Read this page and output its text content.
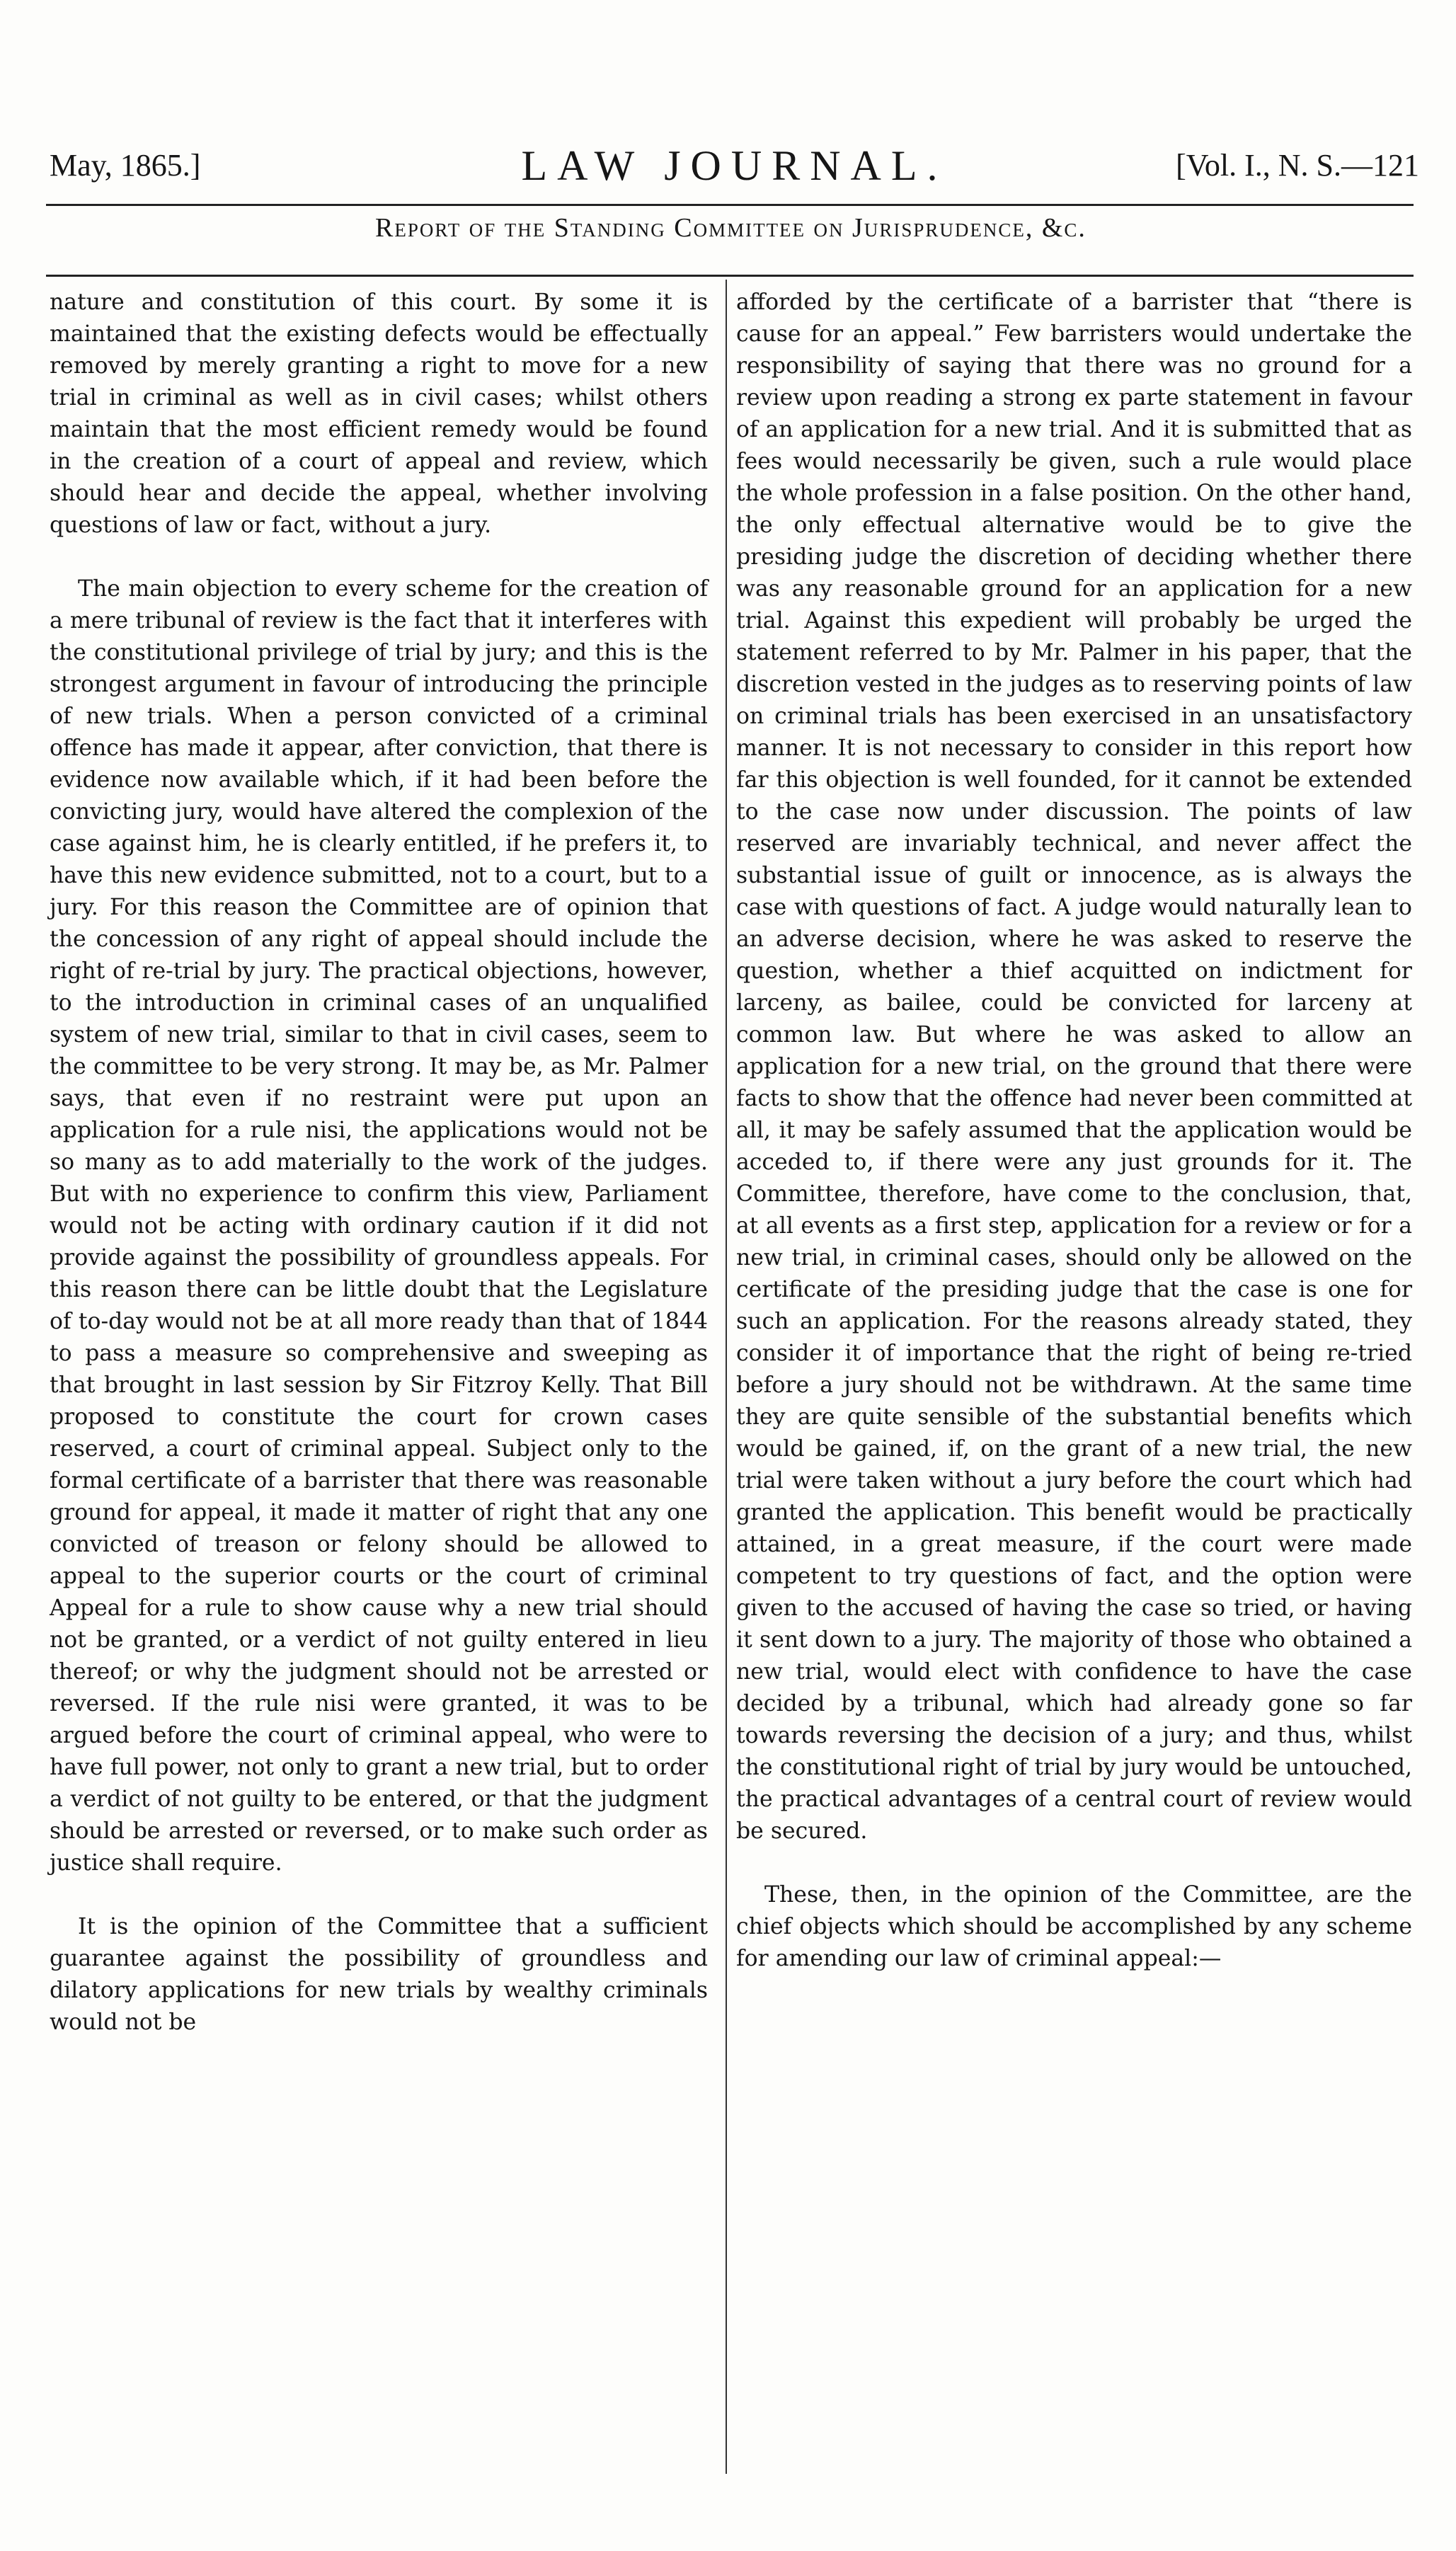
May, 1865.]	LAW JOURNAL.	[Vol. I., N. S.—121
Report of the Standing Committee on Jurisprudence, &c.

nature and constitution of this court. By some it is maintained that the existing defects would be effectually removed by merely granting a right to move for a new trial in criminal as well as in civil cases; whilst others maintain that the most efficient remedy would be found in the creation of a court of appeal and review, which should hear and decide the appeal, whether involving questions of law or fact, without a jury.

The main objection to every scheme for the creation of a mere tribunal of review is the fact that it interferes with the constitutional privilege of trial by jury; and this is the strongest argument in favour of introducing the principle of new trials. When a person convicted of a criminal offence has made it appear, after conviction, that there is evidence now available which, if it had been before the convicting jury, would have altered the complexion of the case against him, he is clearly entitled, if he prefers it, to have this new evidence submitted, not to a court, but to a jury. For this reason the Committee are of opinion that the concession of any right of appeal should include the right of re-trial by jury. The practical objections, however, to the introduction in criminal cases of an unqualified system of new trial, similar to that in civil cases, seem to the committee to be very strong. It may be, as Mr. Palmer says, that even if no restraint were put upon an application for a rule nisi, the applications would not be so many as to add materially to the work of the judges. But with no experience to confirm this view, Parliament would not be acting with ordinary caution if it did not provide against the possibility of groundless appeals. For this reason there can be little doubt that the Legislature of to-day would not be at all more ready than that of 1844 to pass a measure so comprehensive and sweeping as that brought in last session by Sir Fitzroy Kelly. That Bill proposed to constitute the court for crown cases reserved, a court of criminal appeal. Subject only to the formal certificate of a barrister that there was reasonable ground for appeal, it made it matter of right that any one convicted of treason or felony should be allowed to appeal to the superior courts or the court of criminal Appeal for a rule to show cause why a new trial should not be granted, or a verdict of not guilty entered in lieu thereof; or why the judgment should not be arrested or reversed. If the rule nisi were granted, it was to be argued before the court of criminal appeal, who were to have full power, not only to grant a new trial, but to order a verdict of not guilty to be entered, or that the judgment should be arrested or reversed, or to make such order as justice shall require.

It is the opinion of the Committee that a sufficient guarantee against the possibility of groundless and dilatory applications for new trials by wealthy criminals would not be

afforded by the certificate of a barrister that “there is cause for an appeal.” Few barristers would undertake the responsibility of saying that there was no ground for a review upon reading a strong ex parte statement in favour of an application for a new trial. And it is submitted that as fees would necessarily be given, such a rule would place the whole profession in a false position. On the other hand, the only effectual alternative would be to give the presiding judge the discretion of deciding whether there was any reasonable ground for an application for a new trial. Against this expedient will probably be urged the statement referred to by Mr. Palmer in his paper, that the discretion vested in the judges as to reserving points of law on criminal trials has been exercised in an unsatisfactory manner. It is not necessary to consider in this report how far this objection is well founded, for it cannot be extended to the case now under discussion. The points of law reserved are invariably technical, and never affect the substantial issue of guilt or innocence, as is always the case with questions of fact. A judge would naturally lean to an adverse decision, where he was asked to reserve the question, whether a thief acquitted on indictment for larceny, as bailee, could be convicted for larceny at common law. But where he was asked to allow an application for a new trial, on the ground that there were facts to show that the offence had never been committed at all, it may be safely assumed that the application would be acceded to, if there were any just grounds for it. The Committee, therefore, have come to the conclusion, that, at all events as a first step, application for a review or for a new trial, in criminal cases, should only be allowed on the certificate of the presiding judge that the case is one for such an application. For the reasons already stated, they consider it of importance that the right of being re-tried before a jury should not be withdrawn. At the same time they are quite sensible of the substantial benefits which would be gained, if, on the grant of a new trial, the new trial were taken without a jury before the court which had granted the application. This benefit would be practically attained, in a great measure, if the court were made competent to try questions of fact, and the option were given to the accused of having the case so tried, or having it sent down to a jury. The majority of those who obtained a new trial, would elect with confidence to have the case decided by a tribunal, which had already gone so far towards reversing the decision of a jury; and thus, whilst the constitutional right of trial by jury would be untouched, the practical advantages of a central court of review would be secured.

These, then, in the opinion of the Committee, are the chief objects which should be accomplished by any scheme for amending our law of criminal appeal:—
